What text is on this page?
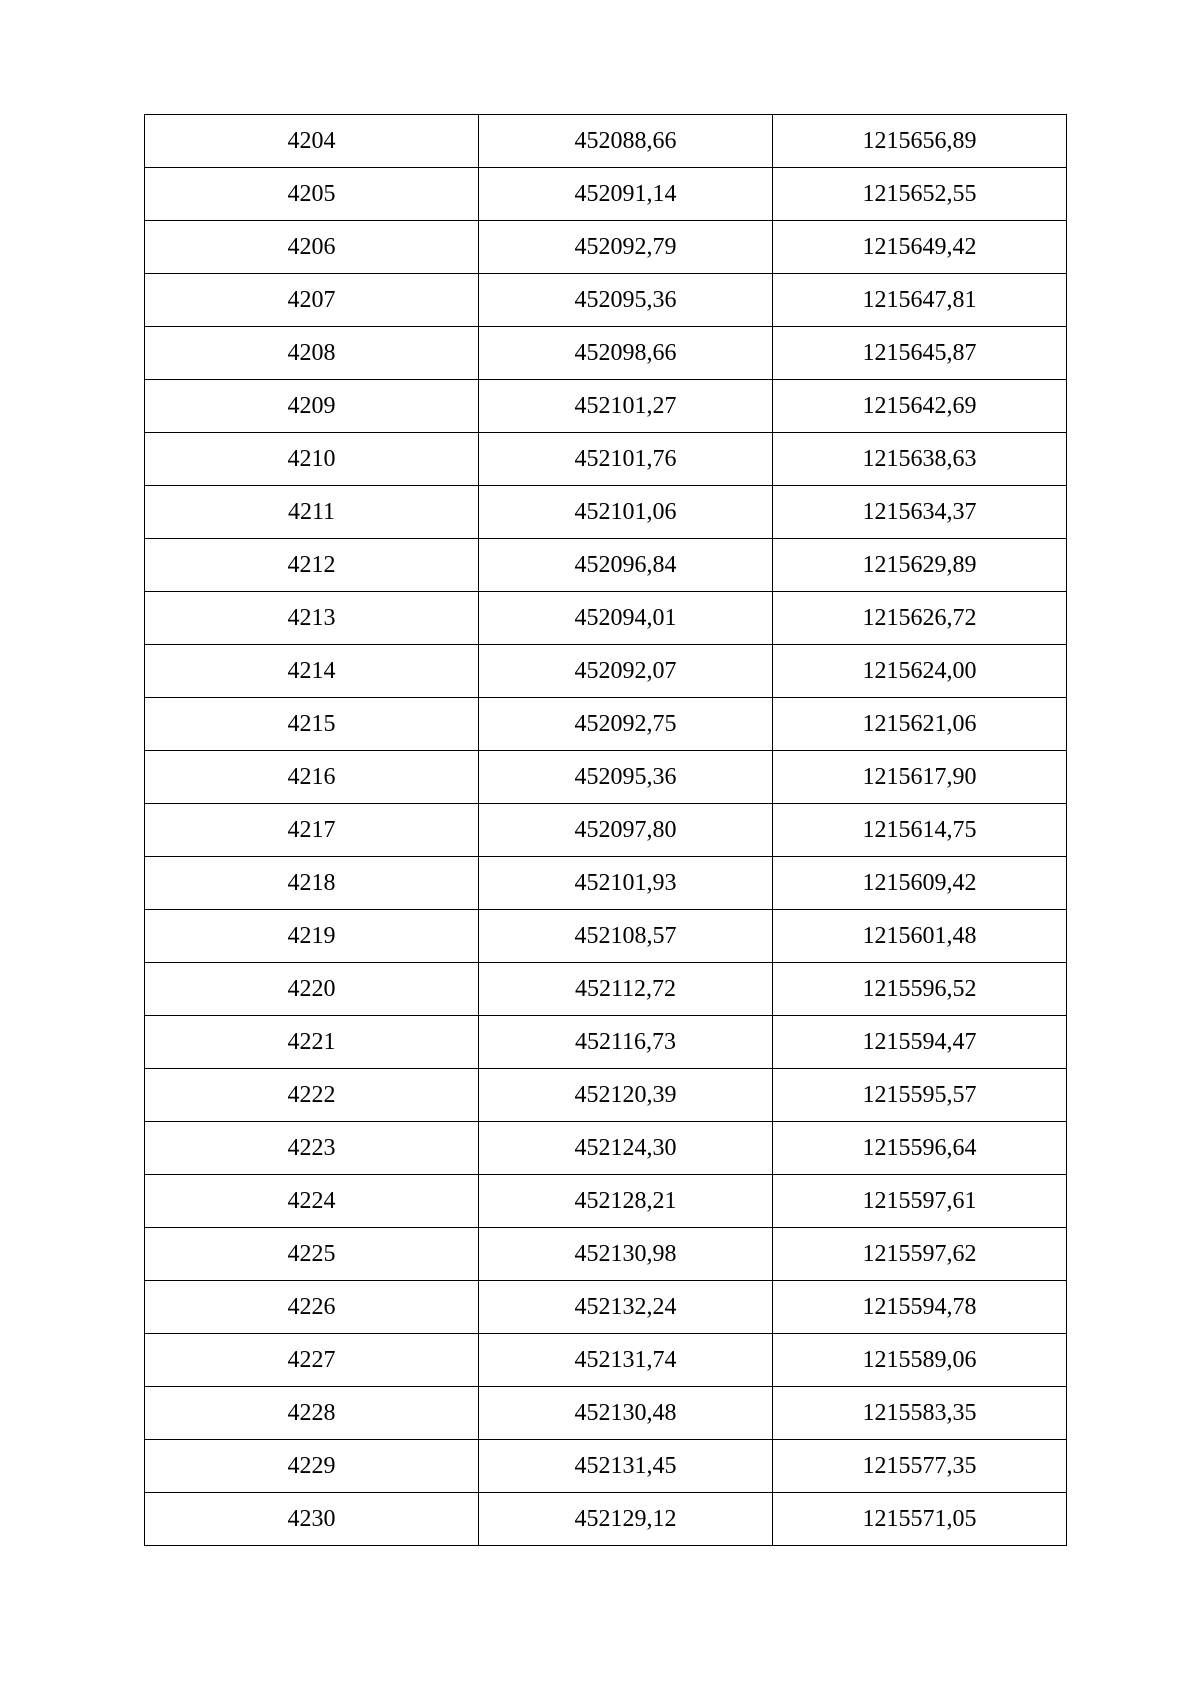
4204	452088,66	1215656,89
4205	452091,14	1215652,55
4206	452092,79	1215649,42
4207	452095,36	1215647,81
4208	452098,66	1215645,87
4209	452101,27	1215642,69
4210	452101,76	1215638,63
4211	452101,06	1215634,37
4212	452096,84	1215629,89
4213	452094,01	1215626,72
4214	452092,07	1215624,00
4215	452092,75	1215621,06
4216	452095,36	1215617,90
4217	452097,80	1215614,75
4218	452101,93	1215609,42
4219	452108,57	1215601,48
4220	452112,72	1215596,52
4221	452116,73	1215594,47
4222	452120,39	1215595,57
4223	452124,30	1215596,64
4224	452128,21	1215597,61
4225	452130,98	1215597,62
4226	452132,24	1215594,78
4227	452131,74	1215589,06
4228	452130,48	1215583,35
4229	452131,45	1215577,35
4230	452129,12	1215571,05
